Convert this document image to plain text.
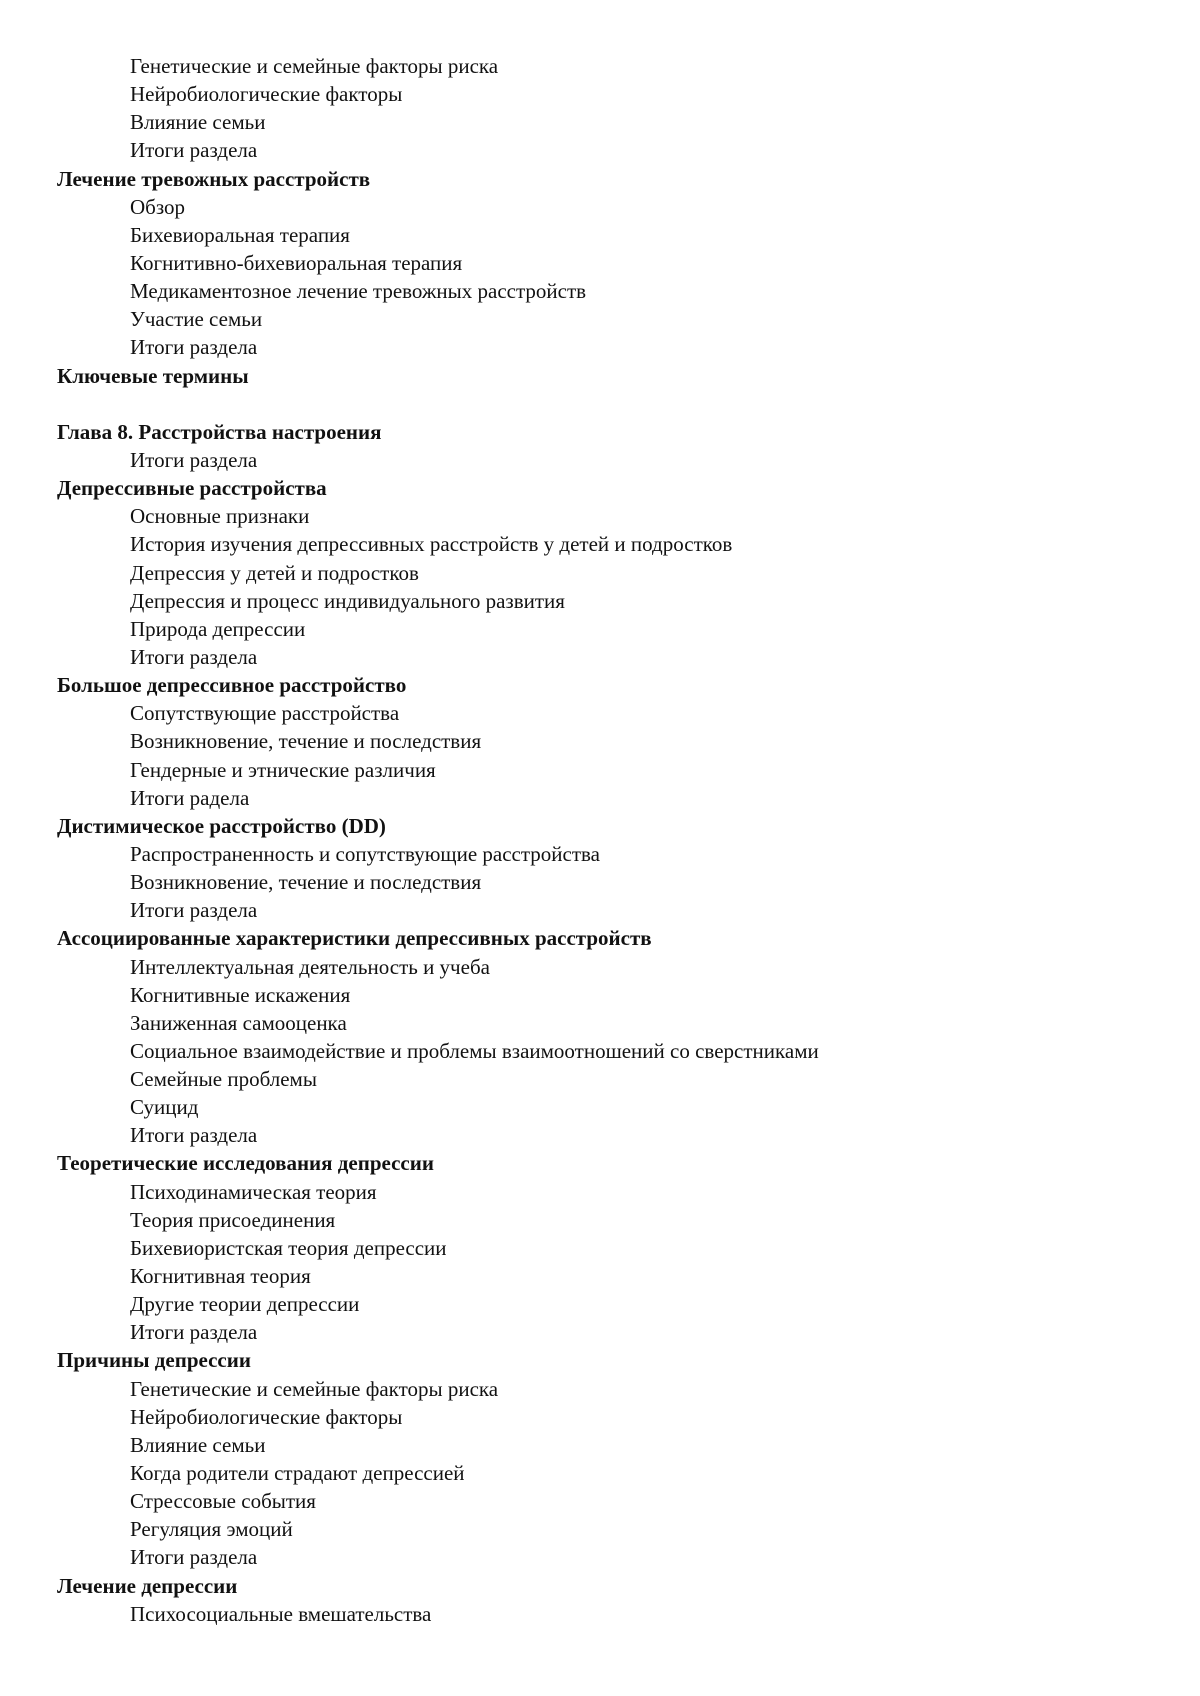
Генетические и семейные факторы риска
Нейробиологические факторы
Влияние семьи
Итоги раздела
Лечение тревожных расстройств
Обзор
Бихевиоральная терапия
Когнитивно-бихевиоральная терапия
Медикаментозное лечение тревожных расстройств
Участие семьи
Итоги раздела
Ключевые термины
Глава 8. Расстройства настроения
Итоги раздела
Депрессивные расстройства
Основные признаки
История изучения депрессивных расстройств у детей и подростков
Депрессия у детей и подростков
Депрессия и процесс индивидуального развития
Природа депрессии
Итоги раздела
Большое депрессивное расстройство
Сопутствующие расстройства
Возникновение, течение и последствия
Гендерные и этнические различия
Итоги радела
Дистимическое расстройство (DD)
Распространенность и сопутствующие расстройства
Возникновение, течение и последствия
Итоги раздела
Ассоциированные характеристики депрессивных расстройств
Интеллектуальная деятельность и учеба
Когнитивные искажения
Заниженная самооценка
Социальное взаимодействие и проблемы взаимоотношений со сверстниками
Семейные проблемы
Суицид
Итоги раздела
Теоретические исследования депрессии
Психодинамическая теория
Теория присоединения
Бихевиористская теория депрессии
Когнитивная теория
Другие теории депрессии
Итоги раздела
Причины депрессии
Генетические и семейные факторы риска
Нейробиологические факторы
Влияние семьи
Когда родители страдают депрессией
Стрессовые события
Регуляция эмоций
Итоги раздела
Лечение депрессии
Психосоциальные вмешательства
